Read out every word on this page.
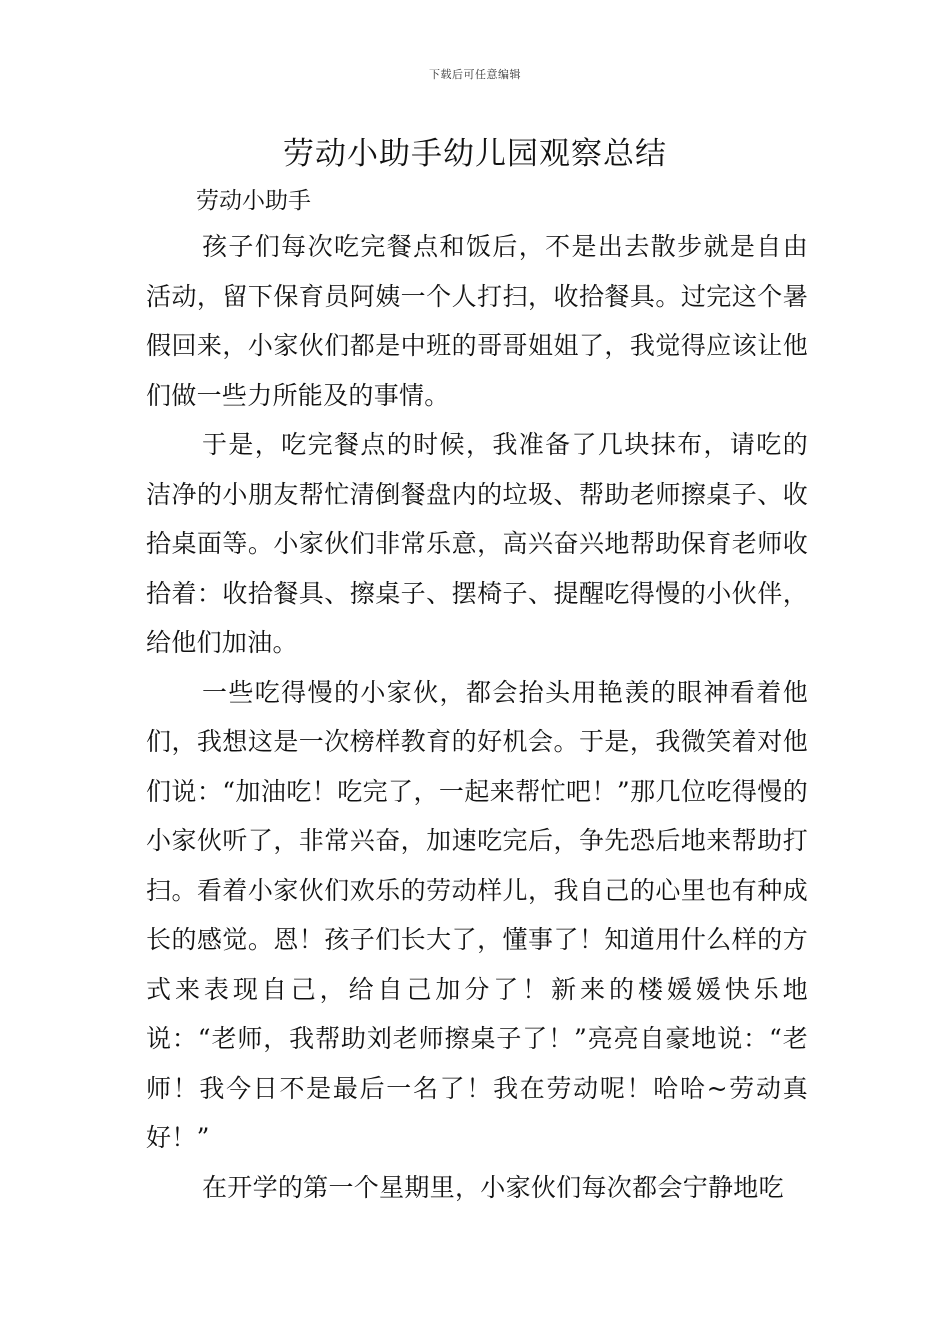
下载后可任意编辑
劳动小助手幼儿园观察总结

劳动小助手

孩子们每次吃完餐点和饭后，不是出去散步就是自由活动，留下保育员阿姨一个人打扫，收拾餐具。过完这个暑假回来，小家伙们都是中班的哥哥姐姐了，我觉得应该让他们做一些力所能及的事情。

于是，吃完餐点的时候，我准备了几块抹布，请吃的洁净的小朋友帮忙清倒餐盘内的垃圾、帮助老师擦桌子、收拾桌面等。小家伙们非常乐意，高兴奋兴地帮助保育老师收拾着：收拾餐具、擦桌子、摆椅子、提醒吃得慢的小伙伴，给他们加油。

一些吃得慢的小家伙，都会抬头用艳羡的眼神看着他们，我想这是一次榜样教育的好机会。于是，我微笑着对他们说：“加油吃！吃完了，一起来帮忙吧！”那几位吃得慢的小家伙听了，非常兴奋，加速吃完后，争先恐后地来帮助打扫。看着小家伙们欢乐的劳动样儿，我自己的心里也有种成长的感觉。恩！孩子们长大了，懂事了！知道用什么样的方式来表现自己，给自己加分了！新来的楼媛媛快乐地说：“老师，我帮助刘老师擦桌子了！”亮亮自豪地说：“老师！我今日不是最后一名了！我在劳动呢！哈哈~劳动真好！”

在开学的第一个星期里，小家伙们每次都会宁静地吃
